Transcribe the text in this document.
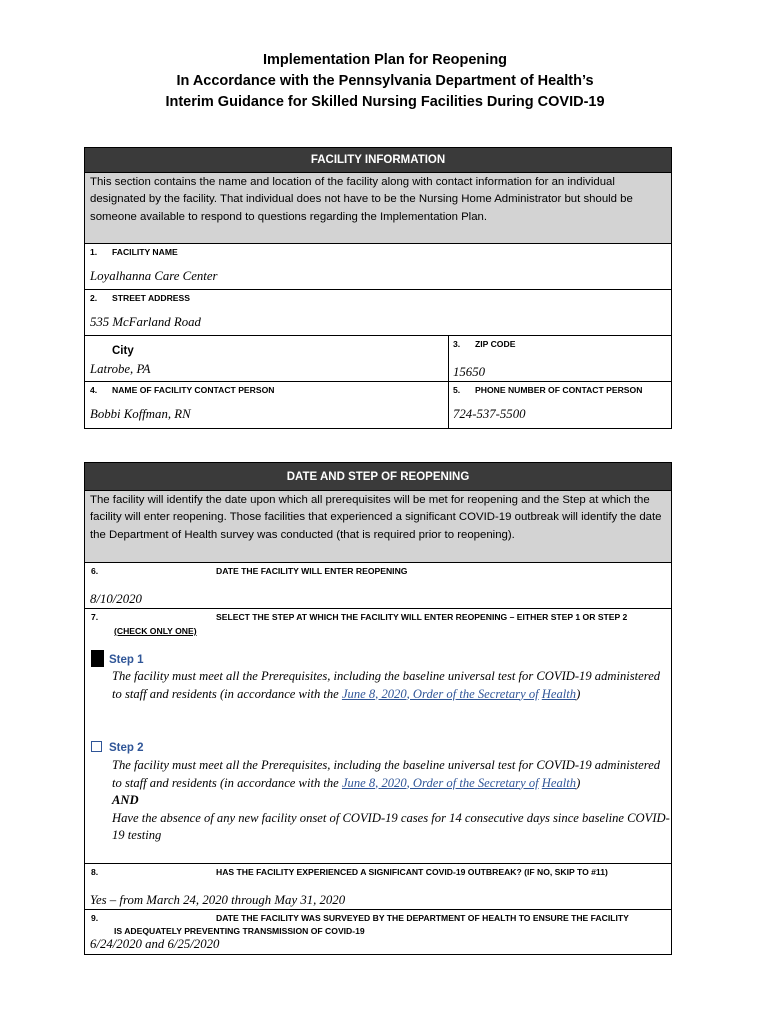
Implementation Plan for Reopening
In Accordance with the Pennsylvania Department of Health’s
Interim Guidance for Skilled Nursing Facilities During COVID-19
FACILITY INFORMATION
This section contains the name and location of the facility along with contact information for an individual designated by the facility. That individual does not have to be the Nursing Home Administrator but should be someone available to respond to questions regarding the Implementation Plan.
1. FACILITY NAME
Loyalhanna Care Center
2. STREET ADDRESS
535 McFarland Road
City
Latrobe, PA
3. ZIP CODE
15650
4. NAME OF FACILITY CONTACT PERSON
Bobbi Koffman, RN
5. PHONE NUMBER OF CONTACT PERSON
724-537-5500
DATE AND STEP OF REOPENING
The facility will identify the date upon which all prerequisites will be met for reopening and the Step at which the facility will enter reopening. Those facilities that experienced a significant COVID-19 outbreak will identify the date the Department of Health survey was conducted (that is required prior to reopening).
6.	DATE THE FACILITY WILL ENTER REOPENING
8/10/2020
7.	SELECT THE STEP AT WHICH THE FACILITY WILL ENTER REOPENING – EITHER STEP 1 OR STEP 2
(CHECK ONLY ONE)
Step 1
The facility must meet all the Prerequisites, including the baseline universal test for COVID-19 administered to staff and residents (in accordance with the June 8, 2020, Order of the Secretary of Health)
Step 2
The facility must meet all the Prerequisites, including the baseline universal test for COVID-19 administered to staff and residents (in accordance with the June 8, 2020, Order of the Secretary of Health)
AND
Have the absence of any new facility onset of COVID-19 cases for 14 consecutive days since baseline COVID-19 testing
8.	HAS THE FACILITY EXPERIENCED A SIGNIFICANT COVID-19 OUTBREAK? (IF NO, SKIP TO #11)
Yes – from March 24, 2020 through May 31, 2020
9.	DATE THE FACILITY WAS SURVEYED BY THE DEPARTMENT OF HEALTH TO ENSURE THE FACILITY
IS ADEQUATELY PREVENTING TRANSMISSION OF COVID-19
6/24/2020 and 6/25/2020
